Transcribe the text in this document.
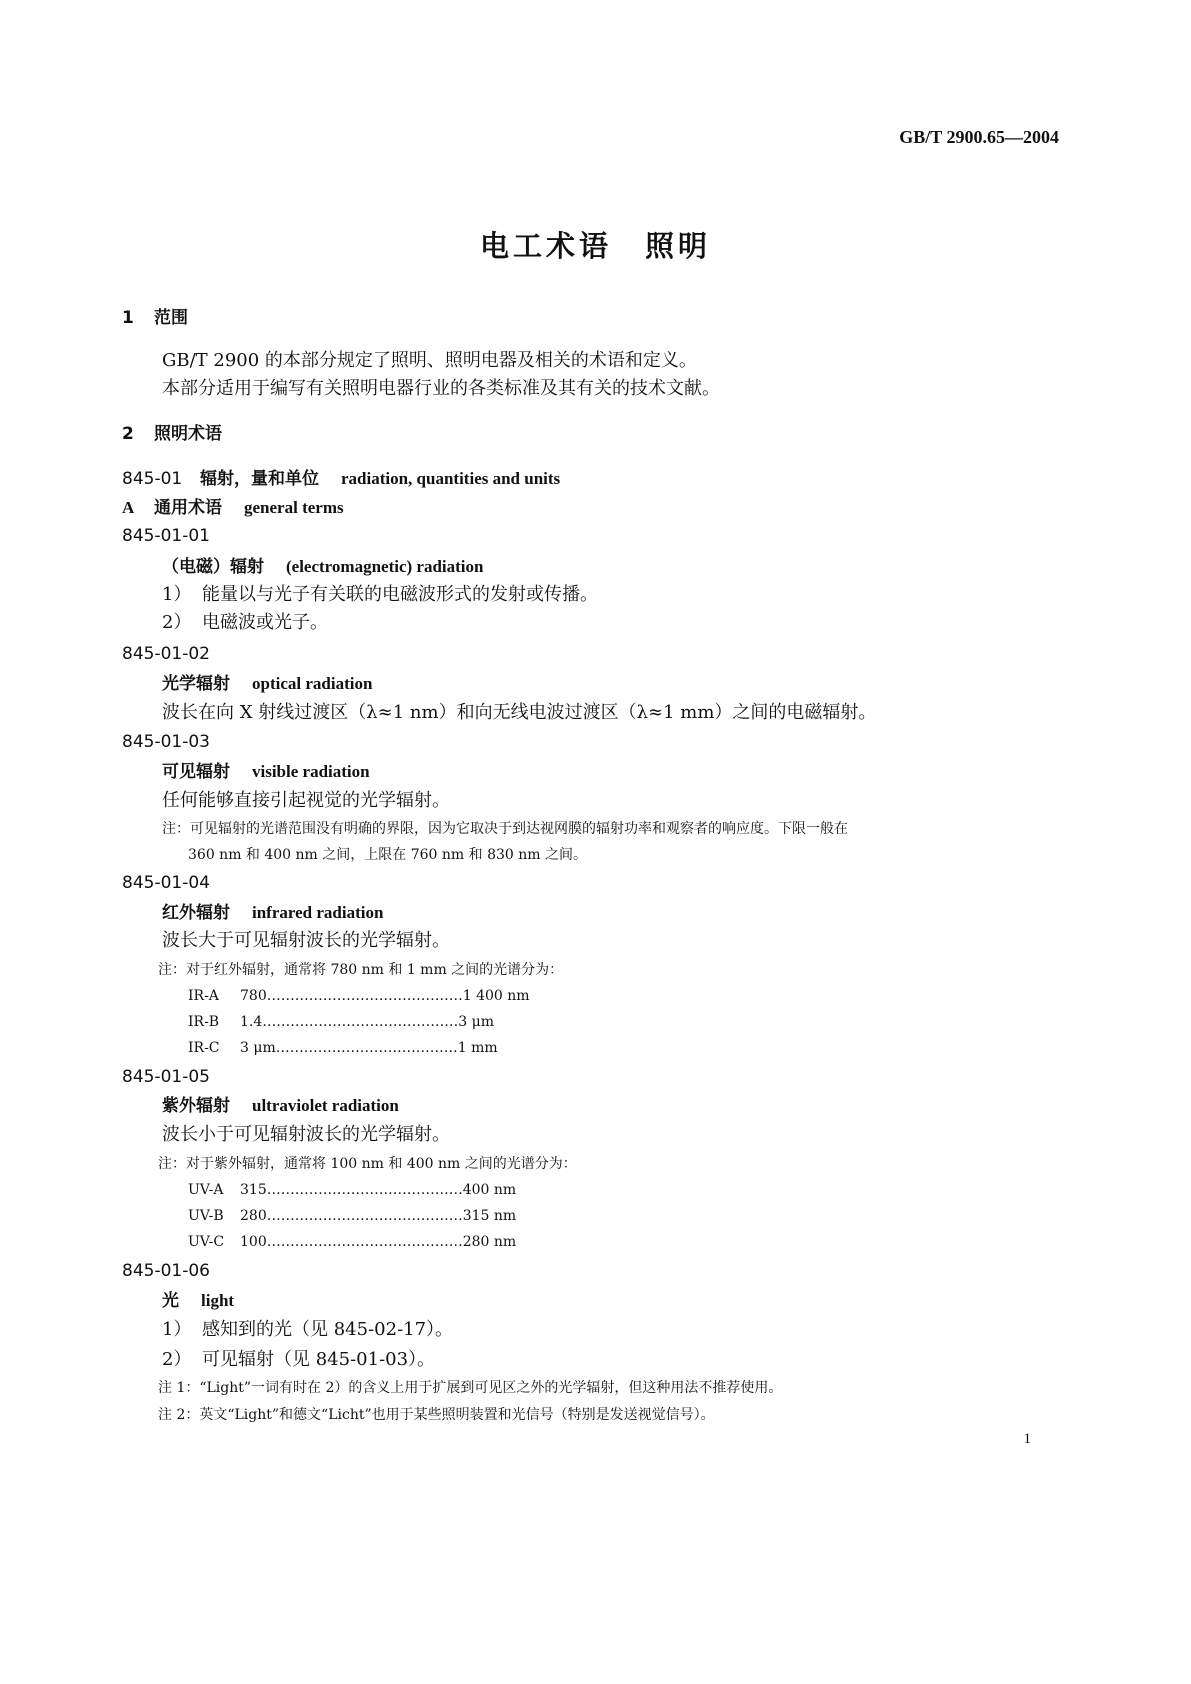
GB/T 2900.65—2004
电工术语　照明
1 范围
GB/T 2900 的本部分规定了照明、照明电器及相关的术语和定义。
本部分适用于编写有关照明电器行业的各类标准及其有关的技术文献。
2 照明术语
845-01 辐射，量和单位 radiation, quantities and units
A 通用术语 general terms
845-01-01
（电磁）辐射 (electromagnetic) radiation
1） 能量以与光子有关联的电磁波形式的发射或传播。
2） 电磁波或光子。
845-01-02
光学辐射 optical radiation
波长在向 X 射线过渡区（λ≈1 nm）和向无线电波过渡区（λ≈1 mm）之间的电磁辐射。
845-01-03
可见辐射 visible radiation
任何能够直接引起视觉的光学辐射。
注：可见辐射的光谱范围没有明确的界限，因为它取决于到达视网膜的辐射功率和观察者的响应度。下限一般在
360 nm 和 400 nm 之间，上限在 760 nm 和 830 nm 之间。
845-01-04
红外辐射 infrared radiation
波长大于可见辐射波长的光学辐射。
注：对于红外辐射，通常将 780 nm 和 1 mm 之间的光谱分为：
IR-A 780……………………………………1 400 nm
IR-B 1.4……………………………………3 μm
IR-C 3 μm…………………………………1 mm
845-01-05
紫外辐射 ultraviolet radiation
波长小于可见辐射波长的光学辐射。
注：对于紫外辐射，通常将 100 nm 和 400 nm 之间的光谱分为：
UV-A 315……………………………………400 nm
UV-B 280……………………………………315 nm
UV-C 100……………………………………280 nm
845-01-06
光 light
1） 感知到的光（见 845-02-17）。
2） 可见辐射（见 845-01-03）。
注 1：“Light”一词有时在 2）的含义上用于扩展到可见区之外的光学辐射，但这种用法不推荐使用。
注 2：英文“Light”和德文“Licht”也用于某些照明装置和光信号（特别是发送视觉信号）。
1
